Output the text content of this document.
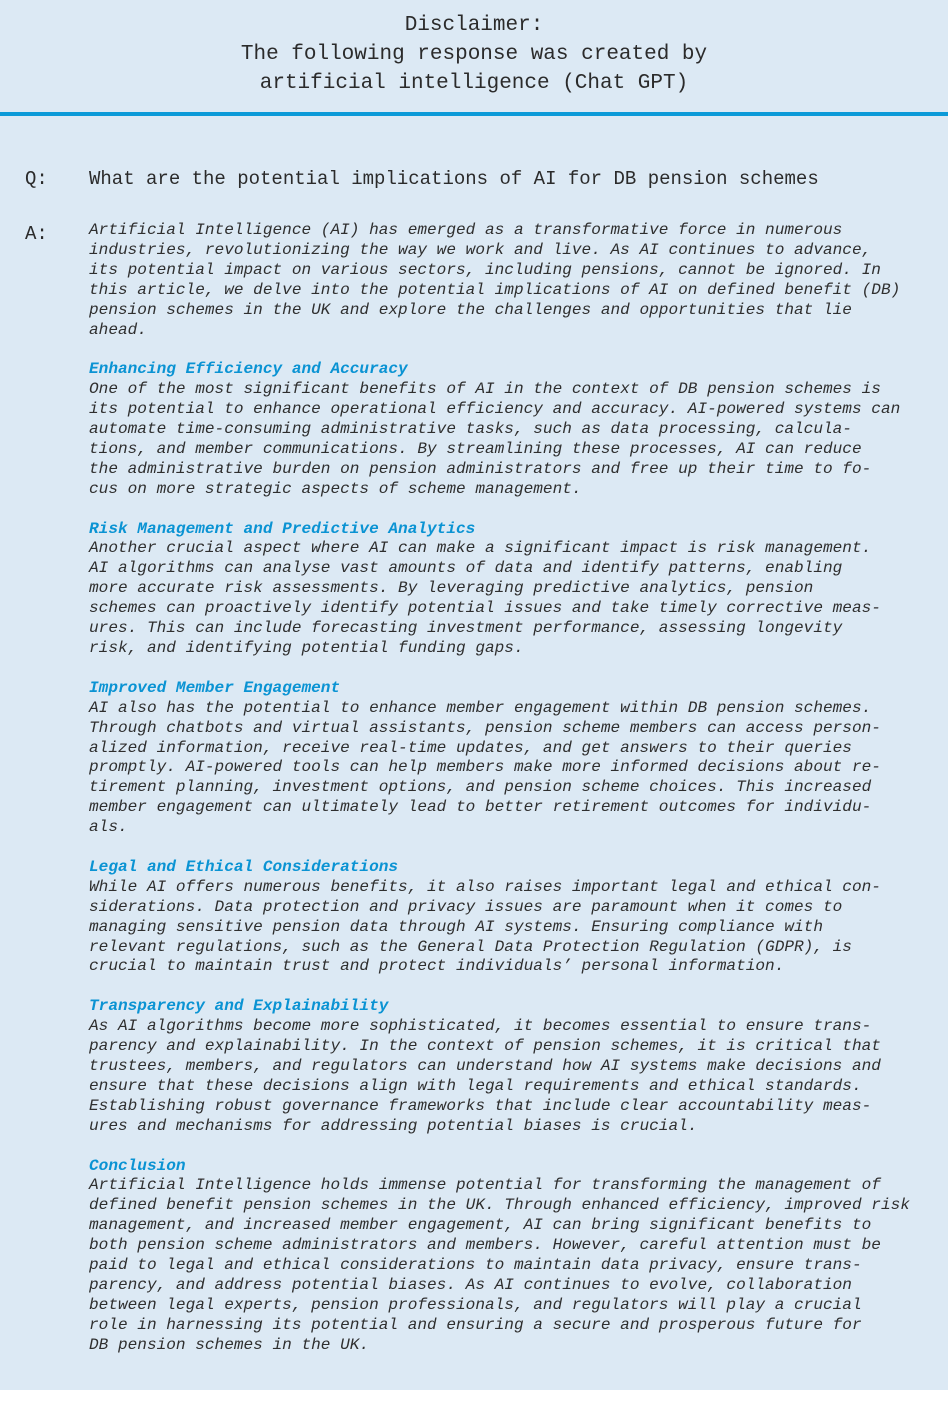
Disclaimer:
The following response was created by
artificial intelligence (Chat GPT)
Q: What are the potential implications of AI for DB pension schemes
A:	Artificial Intelligence (AI) has emerged as a transformative force in numerous
industries, revolutionizing the way we work and live. As AI continues to advance,
its potential impact on various sectors, including pensions, cannot be ignored. In
this article, we delve into the potential implications of AI on defined benefit (DB)
pension schemes in the UK and explore the challenges and opportunities that lie
ahead.

Enhancing Efficiency and Accuracy
One of the most significant benefits of AI in the context of DB pension schemes is
its potential to enhance operational efficiency and accuracy. AI-powered systems can
automate time-consuming administrative tasks, such as data processing, calcula-
tions, and member communications. By streamlining these processes, AI can reduce
the administrative burden on pension administrators and free up their time to fo-
cus on more strategic aspects of scheme management.
Risk Management and Predictive Analytics
Another crucial aspect where AI can make a significant impact is risk management.
AI algorithms can analyse vast amounts of data and identify patterns, enabling
more accurate risk assessments. By leveraging predictive analytics, pension
schemes can proactively identify potential issues and take timely corrective meas-
ures. This can include forecasting investment performance, assessing longevity
risk, and identifying potential funding gaps.
Improved Member Engagement
AI also has the potential to enhance member engagement within DB pension schemes.
Through chatbots and virtual assistants, pension scheme members can access person-
alized information, receive real-time updates, and get answers to their queries
promptly. AI-powered tools can help members make more informed decisions about re-
tirement planning, investment options, and pension scheme choices. This increased
member engagement can ultimately lead to better retirement outcomes for individu-
als.
Legal and Ethical Considerations
While AI offers numerous benefits, it also raises important legal and ethical con-
siderations. Data protection and privacy issues are paramount when it comes to
managing sensitive pension data through AI systems. Ensuring compliance with
relevant regulations, such as the General Data Protection Regulation (GDPR), is
crucial to maintain trust and protect individuals’ personal information.
Transparency and Explainability
As AI algorithms become more sophisticated, it becomes essential to ensure trans-
parency and explainability. In the context of pension schemes, it is critical that
trustees, members, and regulators can understand how AI systems make decisions and
ensure that these decisions align with legal requirements and ethical standards.
Establishing robust governance frameworks that include clear accountability meas-
ures and mechanisms for addressing potential biases is crucial.
Conclusion
Artificial Intelligence holds immense potential for transforming the management of
defined benefit pension schemes in the UK. Through enhanced efficiency, improved risk
management, and increased member engagement, AI can bring significant benefits to
both pension scheme administrators and members. However, careful attention must be
paid to legal and ethical considerations to maintain data privacy, ensure trans-
parency, and address potential biases. As AI continues to evolve, collaboration
between legal experts, pension professionals, and regulators will play a crucial
role in harnessing its potential and ensuring a secure and prosperous future for
DB pension schemes in the UK.
